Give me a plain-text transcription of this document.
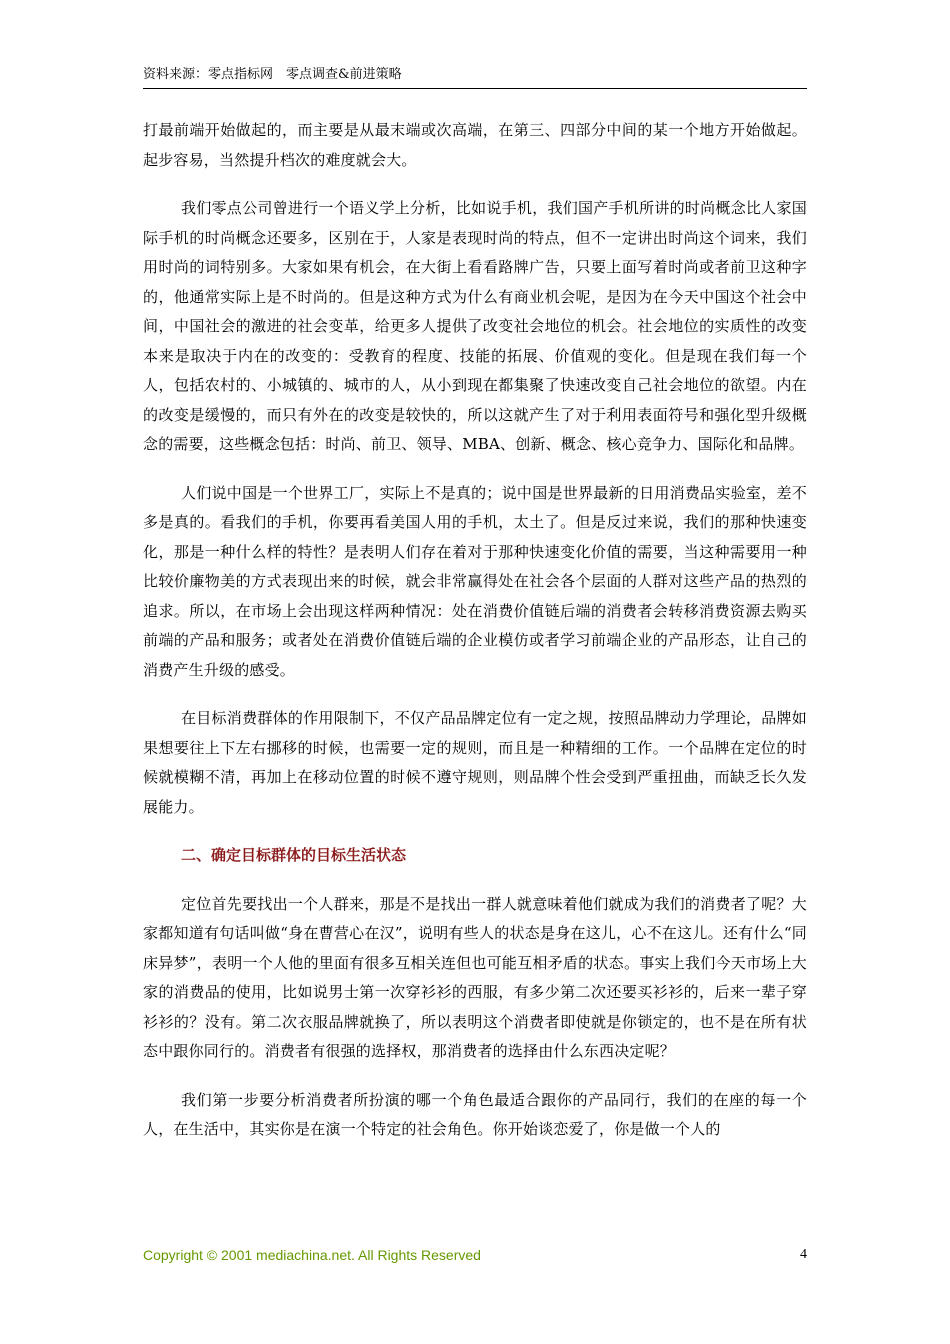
资料来源：零点指标网　零点调查&前进策略

打最前端开始做起的，而主要是从最末端或次高端，在第三、四部分中间的某一个地方开始做起。起步容易，当然提升档次的难度就会大。

我们零点公司曾进行一个语义学上分析，比如说手机，我们国产手机所讲的时尚概念比人家国际手机的时尚概念还要多，区别在于，人家是表现时尚的特点，但不一定讲出时尚这个词来，我们用时尚的词特别多。大家如果有机会，在大街上看看路牌广告，只要上面写着时尚或者前卫这种字的，他通常实际上是不时尚的。但是这种方式为什么有商业机会呢，是因为在今天中国这个社会中间，中国社会的激进的社会变革，给更多人提供了改变社会地位的机会。社会地位的实质性的改变本来是取决于内在的改变的：受教育的程度、技能的拓展、价值观的变化。但是现在我们每一个人，包括农村的、小城镇的、城市的人，从小到现在都集聚了快速改变自己社会地位的欲望。内在的改变是缓慢的，而只有外在的改变是较快的，所以这就产生了对于利用表面符号和强化型升级概念的需要，这些概念包括：时尚、前卫、领导、MBA、创新、概念、核心竞争力、国际化和品牌。

人们说中国是一个世界工厂，实际上不是真的；说中国是世界最新的日用消费品实验室，差不多是真的。看我们的手机，你要再看美国人用的手机，太土了。但是反过来说，我们的那种快速变化，那是一种什么样的特性？是表明人们存在着对于那种快速变化价值的需要，当这种需要用一种比较价廉物美的方式表现出来的时候，就会非常赢得处在社会各个层面的人群对这些产品的热烈的追求。所以，在市场上会出现这样两种情况：处在消费价值链后端的消费者会转移消费资源去购买前端的产品和服务；或者处在消费价值链后端的企业模仿或者学习前端企业的产品形态，让自己的消费产生升级的感受。

在目标消费群体的作用限制下，不仅产品品牌定位有一定之规，按照品牌动力学理论，品牌如果想要往上下左右挪移的时候，也需要一定的规则，而且是一种精细的工作。一个品牌在定位的时候就模糊不清，再加上在移动位置的时候不遵守规则，则品牌个性会受到严重扭曲，而缺乏长久发展能力。

二、确定目标群体的目标生活状态

定位首先要找出一个人群来，那是不是找出一群人就意味着他们就成为我们的消费者了呢？大家都知道有句话叫做“身在曹营心在汉”，说明有些人的状态是身在这儿，心不在这儿。还有什么“同床异梦”，表明一个人他的里面有很多互相关连但也可能互相矛盾的状态。事实上我们今天市场上大家的消费品的使用，比如说男士第一次穿衫衫的西服，有多少第二次还要买衫衫的，后来一辈子穿衫衫的？没有。第二次衣服品牌就换了，所以表明这个消费者即使就是你锁定的，也不是在所有状态中跟你同行的。消费者有很强的选择权，那消费者的选择由什么东西决定呢？

我们第一步要分析消费者所扮演的哪一个角色最适合跟你的产品同行，我们的在座的每一个人，在生活中，其实你是在演一个特定的社会角色。你开始谈恋爱了，你是做一个人的

Copyright © 2001 mediachina.net. All Rights Reserved	4
